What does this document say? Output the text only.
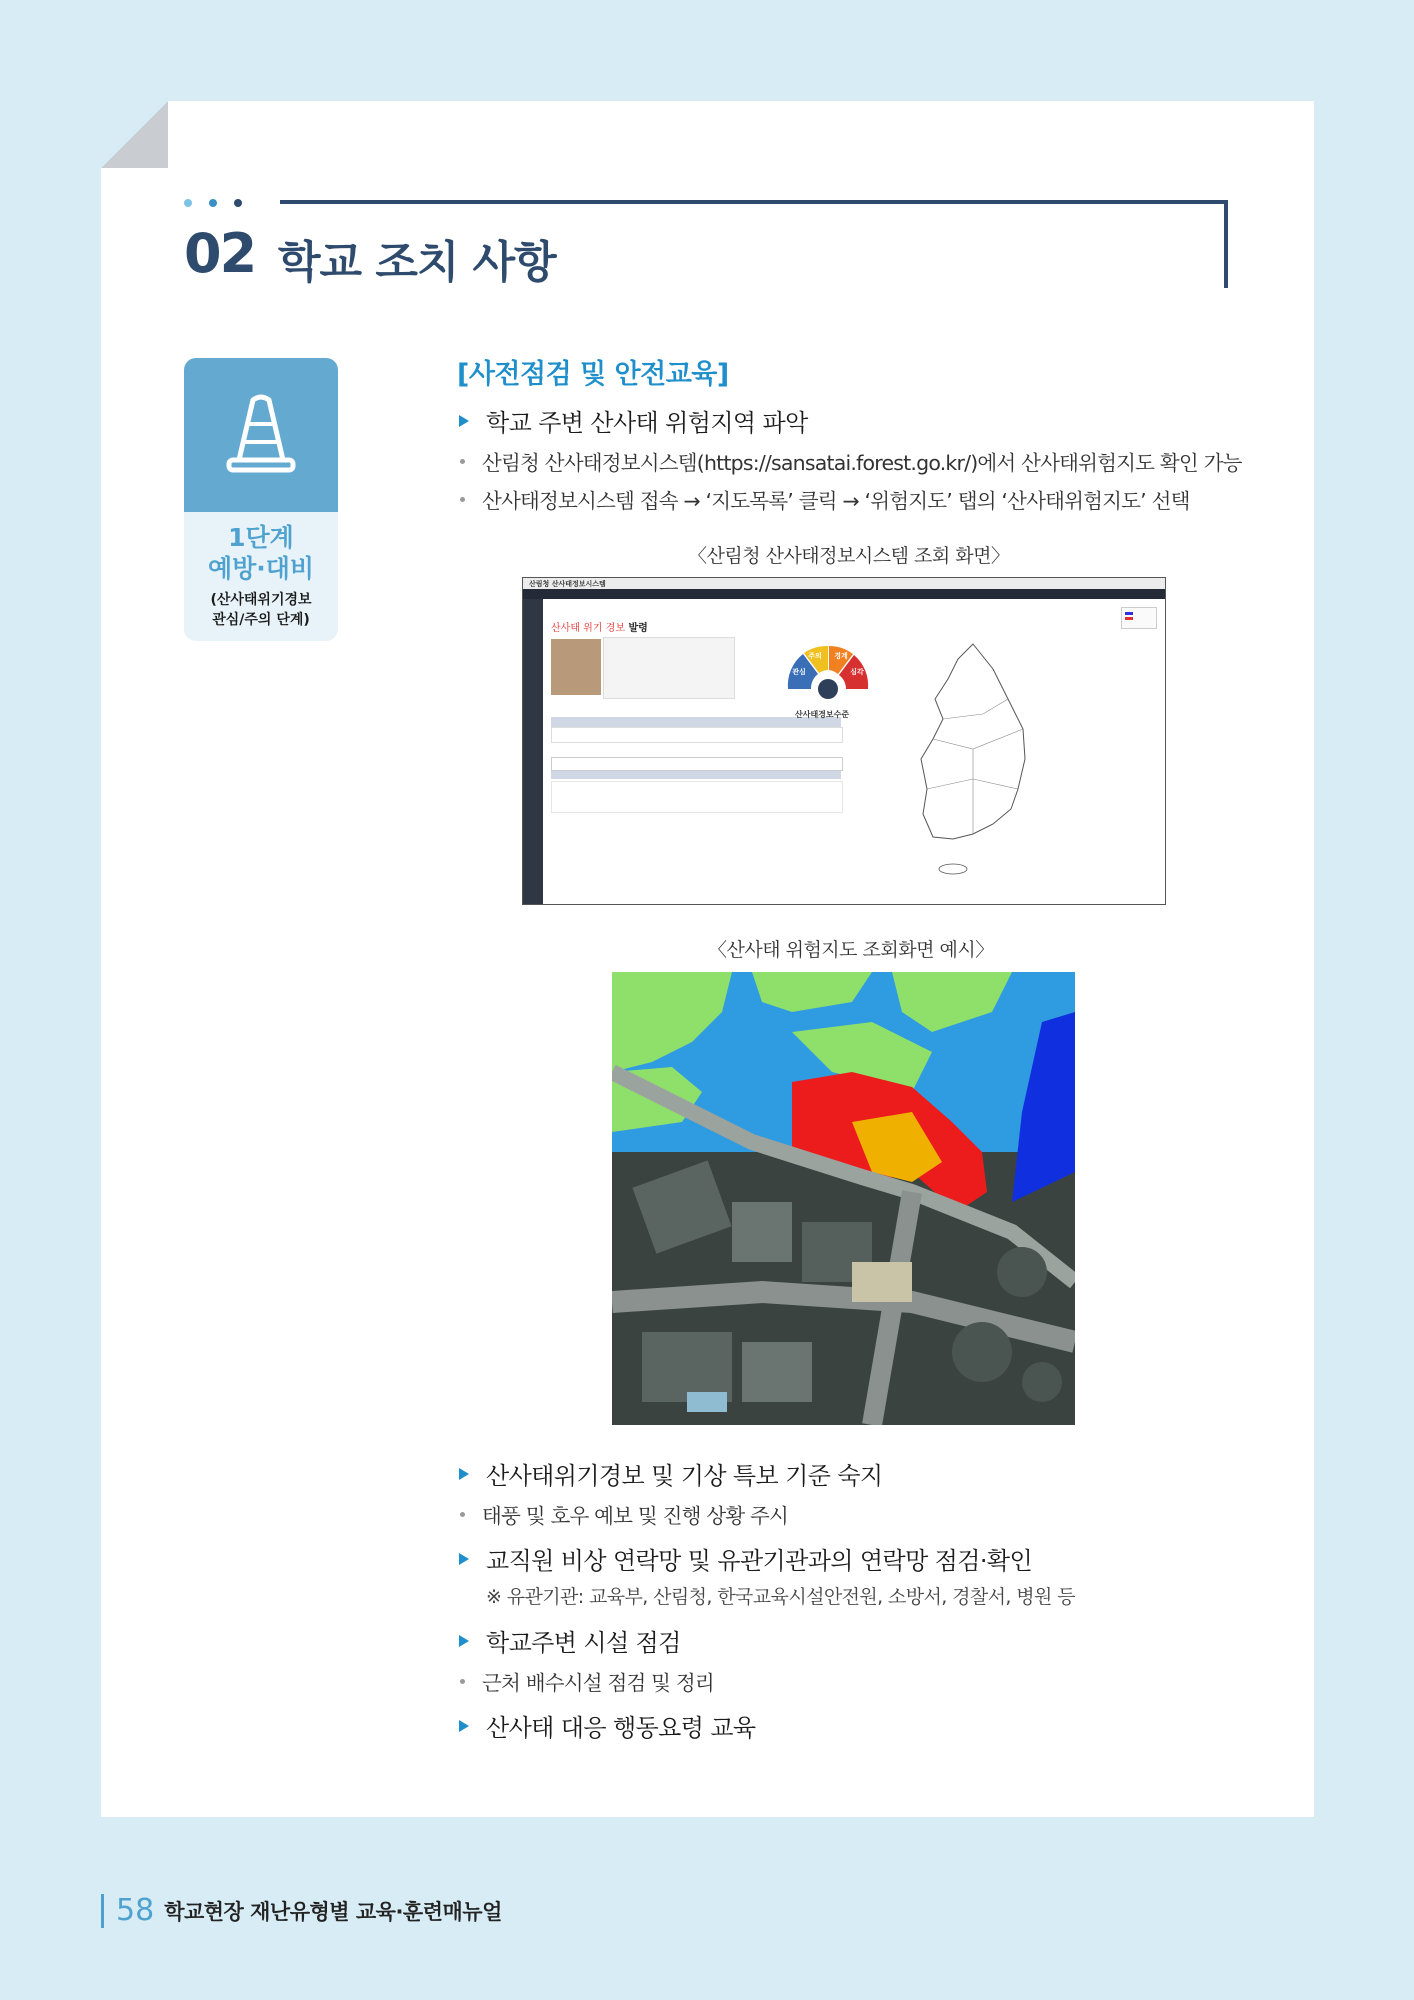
02 학교 조치 사항
1단계
예방·대비
(산사태위기경보
관심/주의 단계)
[사전점검 및 안전교육]
학교 주변 산사태 위험지역 파악
산림청 산사태정보시스템(https://sansatai.forest.go.kr/)에서 산사태위험지도 확인 가능
산사태정보시스템 접속 → ‘지도목록’ 클릭 → ‘위험지도’ 탭의 ‘산사태위험지도’ 선택
〈산림청 산사태정보시스템 조회 화면〉
산림청 산사태정보시스템
산사태 위기 경보 발령
관심
주의 경계
심각
산사태경보수준
〈산사태 위험지도 조회화면 예시〉
산사태위기경보 및 기상 특보 기준 숙지
태풍 및 호우 예보 및 진행 상황 주시
교직원 비상 연락망 및 유관기관과의 연락망 점검·확인
※ 유관기관: 교육부, 산림청, 한국교육시설안전원, 소방서, 경찰서, 병원 등
학교주변 시설 점검
근처 배수시설 점검 및 정리
산사태 대응 행동요령 교육
58 학교현장 재난유형별 교육·훈련매뉴얼
